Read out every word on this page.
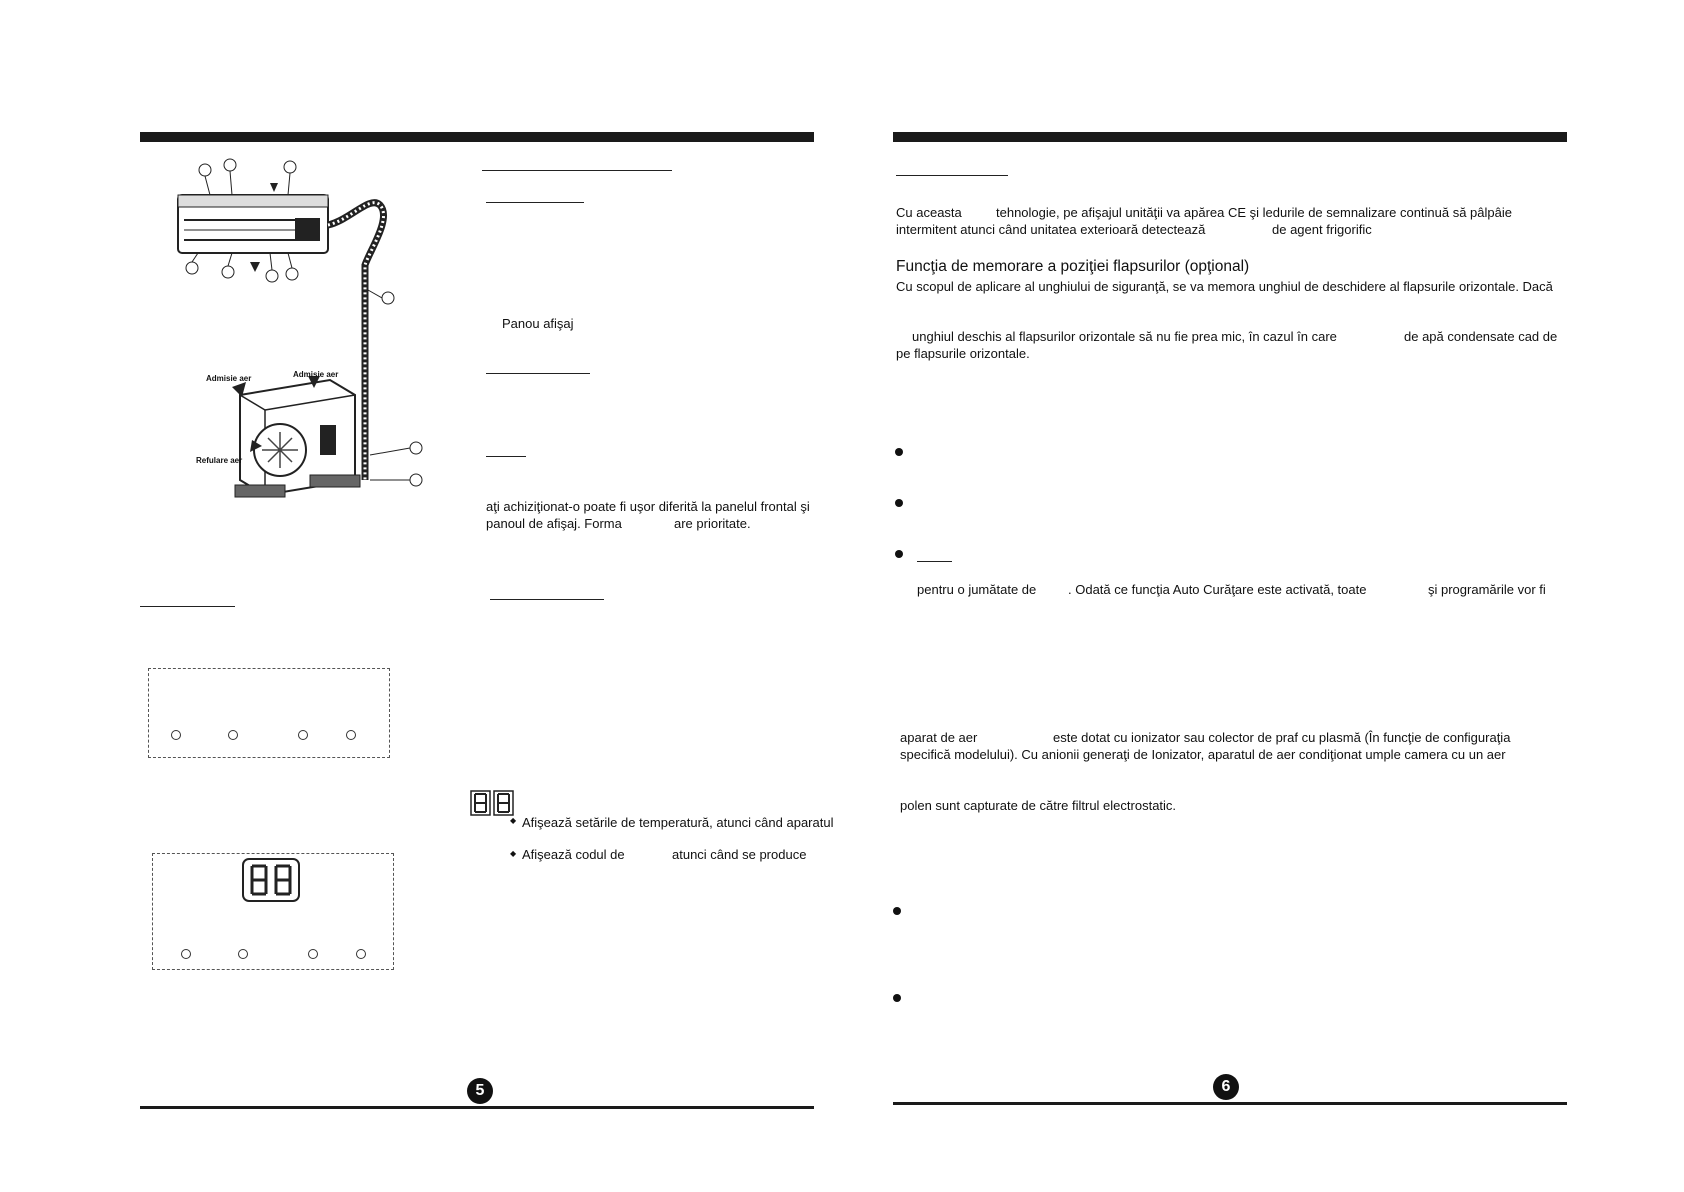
Admisie aer	Admisie aer
Refulare aer
Panou afişaj
aţi achiziţionat-o poate fi uşor diferită la panelul frontal şi
panoul de afişaj. Forma	are prioritate.
◆ Afişează setările de temperatură, atunci când aparatul
◆ Afişează codul de	atunci când se produce
5
Cu aceasta	tehnologie, pe afişajul unităţii va apărea CE şi ledurile de semnalizare continuă să pâlpâie
intermitent atunci când unitatea exterioară detectează	de agent frigorific
Funcţia de memorare a poziţiei flapsurilor (opţional)
Cu scopul de aplicare al unghiului de siguranţă, se va memora unghiul de deschidere al flapsurile orizontale. Dacă
unghiul deschis al flapsurilor orizontale să nu fie prea mic, în cazul în care	de apă condensate cad de
pe flapsurile orizontale.
pentru o jumătate de . Odată ce funcţia Auto Curăţare este activată, toate	şi programările vor fi
aparat de aer	este dotat cu ionizator sau colector de praf cu plasmă (În funcţie de configuraţia
specifică modelului). Cu anionii generaţi de Ionizator, aparatul de aer condiţionat umple camera cu un aer
polen sunt capturate de către filtrul electrostatic.
6
